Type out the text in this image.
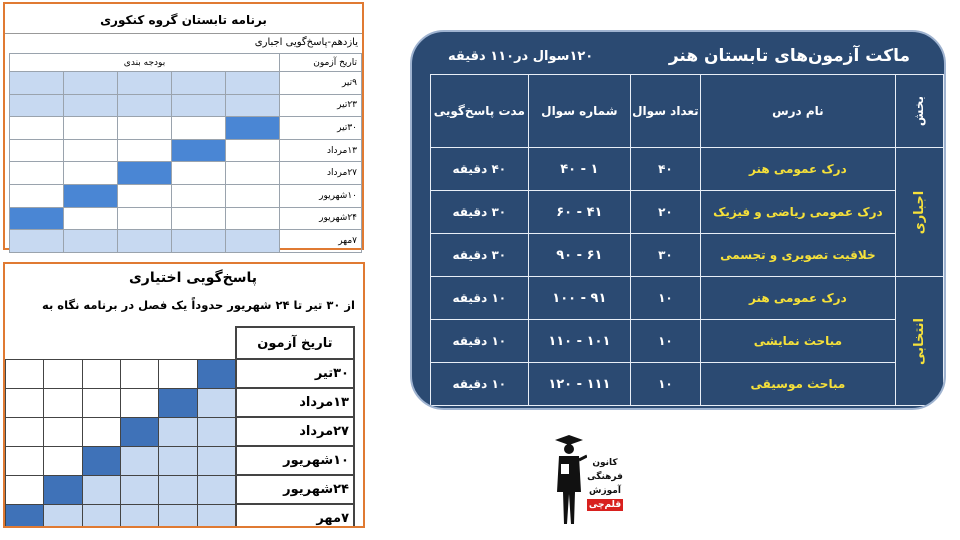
برنامه تابستان گروه کنکوری
یازدهم-پاسخ‌گویی اجباری
تاریخ آزمون	بودجه بندی				
۹تیر					
۲۳تیر					
۳۰تیر					
۱۳مرداد					
۲۷مرداد					
۱۰شهریور					
۲۴شهریور					
۷مهر					
پاسخ‌گویی اختیاری
از ۳۰ تیر تا ۲۴ شهریور حدوداً یک فصل در برنامه نگاه به
تاریخ آزمون						
۳۰تیر						
۱۳مرداد						
۲۷مرداد						
۱۰شهریور						
۲۴شهریور						
۷مهر						
ماکت آزمون‌های تابستان هنر
۱۲۰سوال در۱۱۰ دقیقه
بخش	نام درس	تعداد سوال	شماره سوال	مدت پاسخ‌گویی
اجباری	درک عمومی هنر	۴۰	۱ - ۴۰	۴۰ دقیقه
	درک عمومی ریاضی و فیزیک	۲۰	۴۱ - ۶۰	۳۰ دقیقه
	خلاقیت تصویری و تجسمی	۳۰	۶۱ - ۹۰	۳۰ دقیقه
انتخابی	درک عمومی هنر	۱۰	۹۱ - ۱۰۰	۱۰ دقیقه
	مباحث نمایشی	۱۰	۱۰۱ - ۱۱۰	۱۰ دقیقه
	مباحث موسیقی	۱۰	۱۱۱ - ۱۲۰	۱۰ دقیقه
کانون
فرهنگی
آموزش
قلم‌چی
